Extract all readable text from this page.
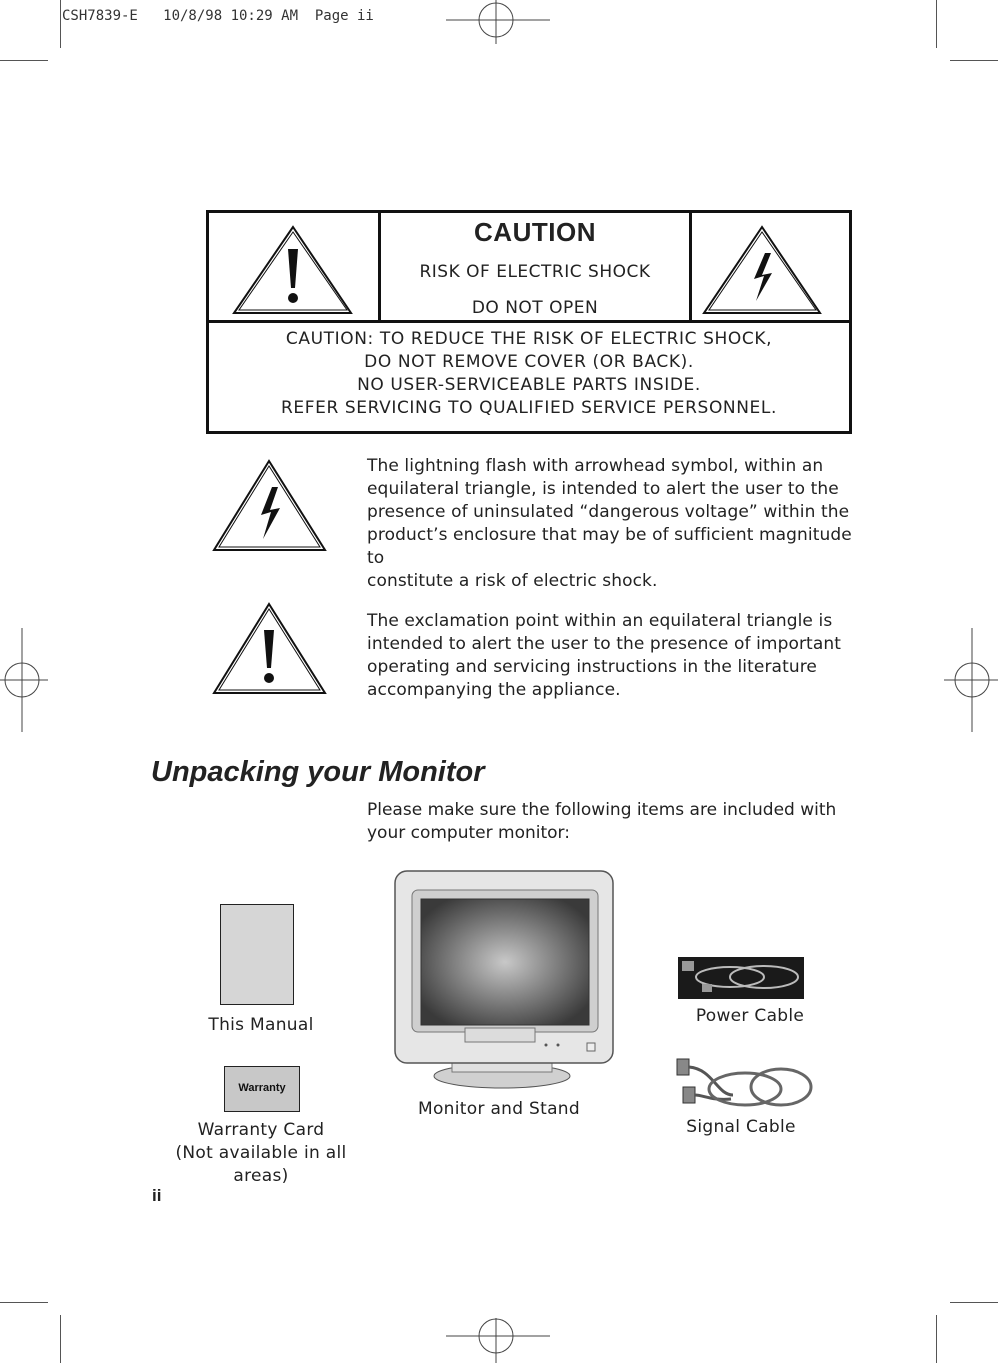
CSH7839-E   10/8/98 10:29 AM  Page ii
CAUTION
RISK OF ELECTRIC SHOCK
DO NOT OPEN
CAUTION: TO REDUCE THE RISK OF ELECTRIC SHOCK,
DO NOT REMOVE COVER (OR BACK).
NO USER-SERVICEABLE PARTS INSIDE.
REFER SERVICING TO QUALIFIED SERVICE PERSONNEL.
The lightning flash with arrowhead symbol, within an
equilateral triangle, is intended to alert the user to the
presence of uninsulated “dangerous voltage” within the
product’s enclosure that may be of sufficient magnitude to
constitute a risk of electric shock.
The exclamation point within an equilateral triangle is
intended to alert the user to the presence of important
operating and servicing instructions in the literature
accompanying the appliance.
Unpacking your Monitor
Please make sure the following items are included with
your computer monitor:
This Manual
Warranty
Warranty Card
(Not available in all
areas)
Monitor and Stand
Power Cable
Signal Cable
ii
